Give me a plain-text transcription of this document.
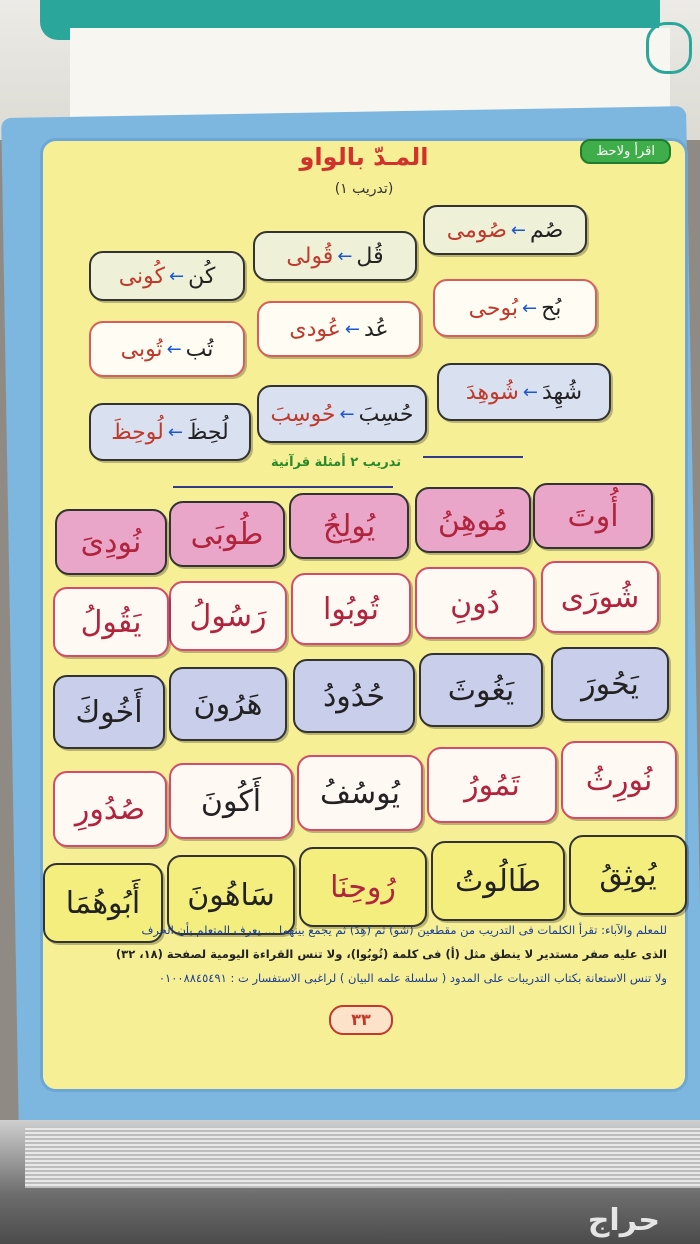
اقرأ ولاحظ
المـدّ بالواو
(تدريب ١)
صُم
←
صُومى
قُل
←
قُولى
كُن
←
كُونى
بُح
←
بُوحى
عُد
←
عُودى
تُب
←
تُوبى
شُهِدَ
←
شُوهِدَ
حُسِبَ
←
حُوسِبَ
لُحِظَ
←
لُوحِظَ
تدريب ٢ أمثلة قرآنية
أُوتَ
مُوهِنُ
يُولِجُ
طُوبَى
نُودِىَ
شُورَى
دُونِ
تُوبُوا
رَسُولُ
يَقُولُ
يَحُورَ
يَغُوثَ
حُدُودُ
هَرُونَ
أَخُوكَ
نُورِثُ
تَمُورُ
يُوسُفُ
أَكُونَ
صُدُورِ
يُوثِقُ
طَالُوتُ
رُوحِنَا
سَاهُونَ
أَبُوهُمَا
للمعلم والآباء: تقرأ الكلمات فى التدريب من مقطعين (شو) ثم (هِدَ) ثم يجمع بينهما ... يعرف المتعلم بأن الحرف
الذى عليه صفر مستدير لا ينطق مثل (أ) فى كلمة (تُوبُوا)، ولا تنس القراءة اليومية لصفحة (١٨، ٣٢)
ولا تنس الاستعانة بكتاب التدريبات على المدود ( سلسلة علمه البيان ) لراغبى الاستفسار ت : ٠١٠٠٨٨٤٥٤٩١
٣٣
حراج
